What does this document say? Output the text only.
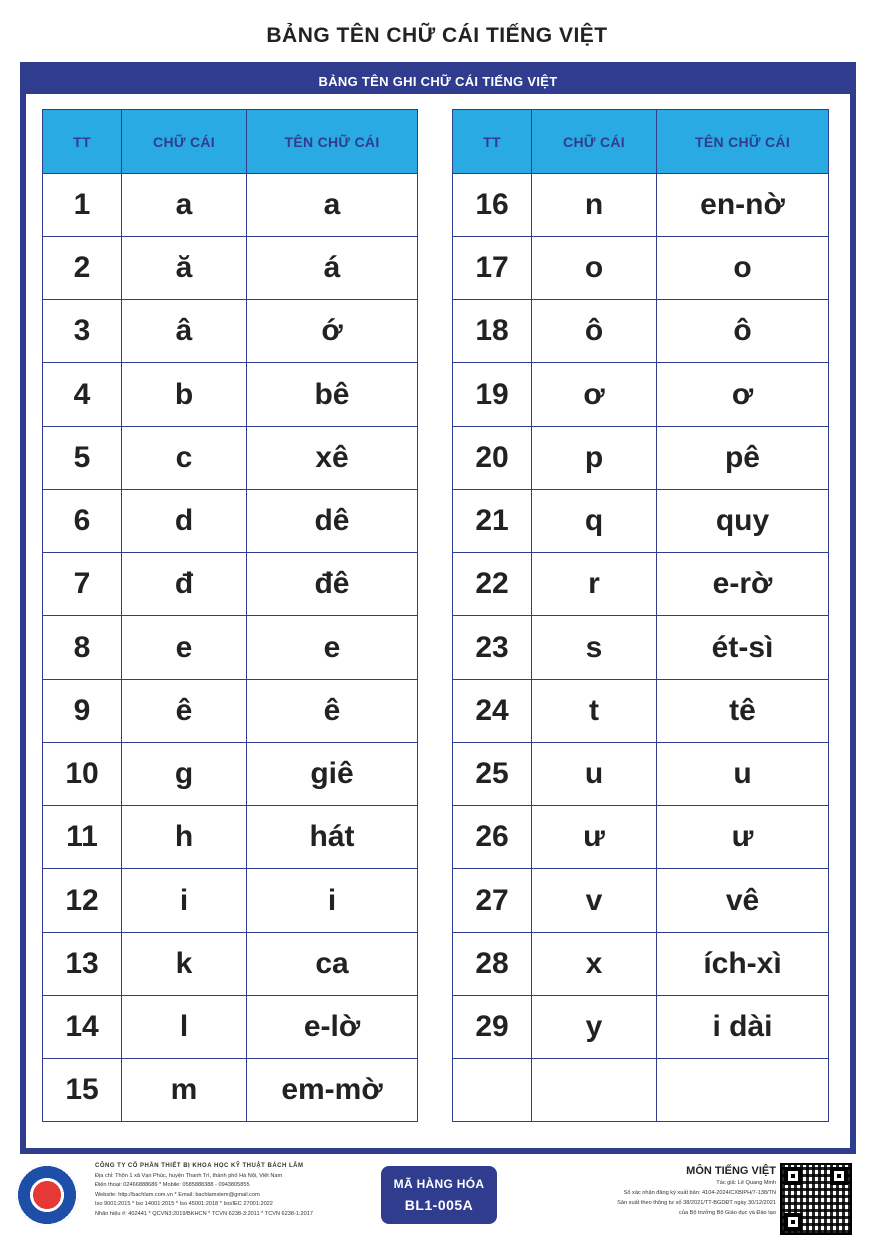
BẢNG TÊN CHỮ CÁI TIẾNG VIỆT
BẢNG TÊN GHI CHỮ CÁI TIẾNG VIỆT
TT	CHỮ CÁI	TÊN CHỮ CÁI
1	a	a
2	ă	á
3	â	ớ
4	b	bê
5	c	xê
6	d	dê
7	đ	đê
8	e	e
9	ê	ê
10	g	giê
11	h	hát
12	i	i
13	k	ca
14	l	e-lờ
15	m	em-mờ
TT	CHỮ CÁI	TÊN CHỮ CÁI
16	n	en-nờ
17	o	o
18	ô	ô
19	ơ	ơ
20	p	pê
21	q	quy
22	r	e-rờ
23	s	ét-sì
24	t	tê
25	u	u
26	ư	ư
27	v	vê
28	x	ích-xì
29	y	i dài

CÔNG TY CỔ PHẦN THIẾT BỊ KHOA HỌC KỸ THUẬT BÁCH LÂM
Địa chỉ: Thôn 1 xã Vạn Phúc, huyện Thanh Trì, thành phố Hà Nội, Việt Nam
Điện thoại: 02466888686 * Mobile: 0585888388 - 0943805855
Website: http://bachlam.com.vn * Email: bachlamstem@gmail.com
Iso 9001:2015 * Iso 14001:2015 * Iso 45001:2018 * Iso/IEC 27001:2022
Nhãn hiệu #: 402441 * QCVN3:2019/BKHCN * TCVN 6238-3:2011 * TCVN 6238-1:2017
MÃ HÀNG HÓA
BL1-005A
MÔN TIẾNG VIỆT
Tác giả: Lê Quang Minh
Số xác nhận đăng ký xuất bản: 4104-2024/CXBIPH/7-138/TN
Sản xuất theo thông tư số 38/2021/TT-BGDĐT ngày 30/12/2021
của Bộ trưởng Bộ Giáo dục và Đào tạo
